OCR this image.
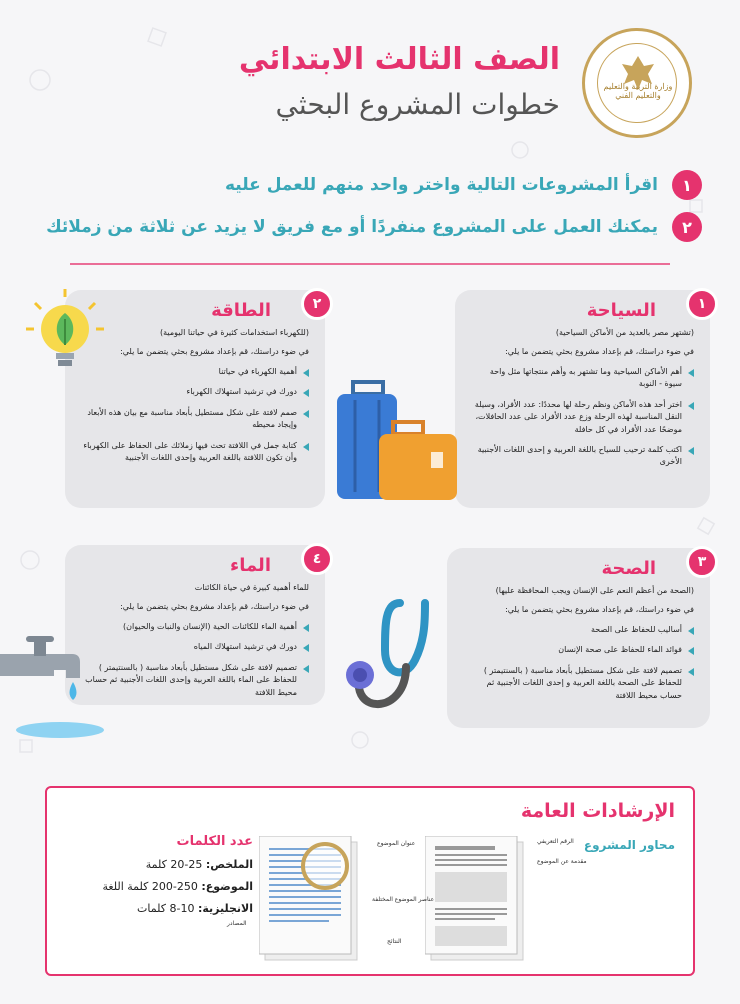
وزارة التربية والتعليم والتعليم الفني
الصف الثالث الابتدائي
خطوات المشروع البحثي
١
اقرأ المشروعات التالية واختر واحد منهم للعمل عليه
٢
يمكنك العمل على المشروع منفردًا أو مع فريق لا يزيد عن ثلاثة من زملائك
١
السياحة

(تشتهر مصر بالعديد من الأماكن السياحية)

في ضوء دراستك، قم بإعداد مشروع بحثي يتضمن ما يلي:

أهم الأماكن السياحية وما تشتهر به وأهم منتجاتها مثل واحة سيوة - النوبة
اختر أحد هذه الأماكن ونظم رحلة لها محددًا: عدد الأفراد، وسيلة النقل المناسبة لهذه الرحلة وزع عدد الأفراد على عدد الحافلات، موضحًا عدد الأفراد في كل حافلة
اكتب كلمة ترحيب للسياح باللغة العربية و إحدى اللغات الأجنبية الأخرى
٢
الطاقة

(للكهرباء استخدامات كثيرة في حياتنا اليومية)

في ضوء دراستك، قم بإعداد مشروع بحثي يتضمن ما يلي:

أهمية الكهرباء في حياتنا
دورك في ترشيد استهلاك الكهرباء
صمم لافتة على شكل مستطيل بأبعاد مناسبة مع بيان هذه الأبعاد وإيجاد محيطه
كتابة جمل في اللافتة تحث فيها زملائك على الحفاظ على الكهرباء وأن تكون اللافتة باللغة العربية وإحدى اللغات الأجنبية
٣
الصحة

(الصحة من أعظم النعم على الإنسان ويجب المحافظة عليها)

في ضوء دراستك، قم بإعداد مشروع بحثي يتضمن ما يلي:

أساليب للحفاظ على الصحة
فوائد الماء للحفاظ على صحة الإنسان
تصميم لافتة على شكل مستطيل بأبعاد مناسبة ( بالسنتيمتر ) للحفاظ على الصحة باللغة العربية و إحدى اللغات الأجنبية ثم حساب محيط اللافتة
٤
الماء

للماء أهمية كبيرة في حياة الكائنات

في ضوء دراستك، قم بإعداد مشروع بحثي يتضمن ما يلي:

أهمية الماء للكائنات الحية (الإنسان والنبات والحيوان)
دورك في ترشيد استهلاك المياه
تصميم لافتة على شكل مستطيل بأبعاد مناسبة ( بالسنتيمتر ) للحفاظ على الماء باللغة العربية وإحدى اللغات الأجنبية ثم حساب محيط اللافتة
الإرشادات العامة
محاور المشروع
عنوان الموضوع
عناصر الموضوع المختلفة
الرقم التعريفي
مقدمة عن الموضوع
النتائج
المصادر
عدد الكلمات
الملخص: 25-20 كلمة
الموضوع: 250-200 كلمة اللغة
الانجليزية: 10-8 كلمات
